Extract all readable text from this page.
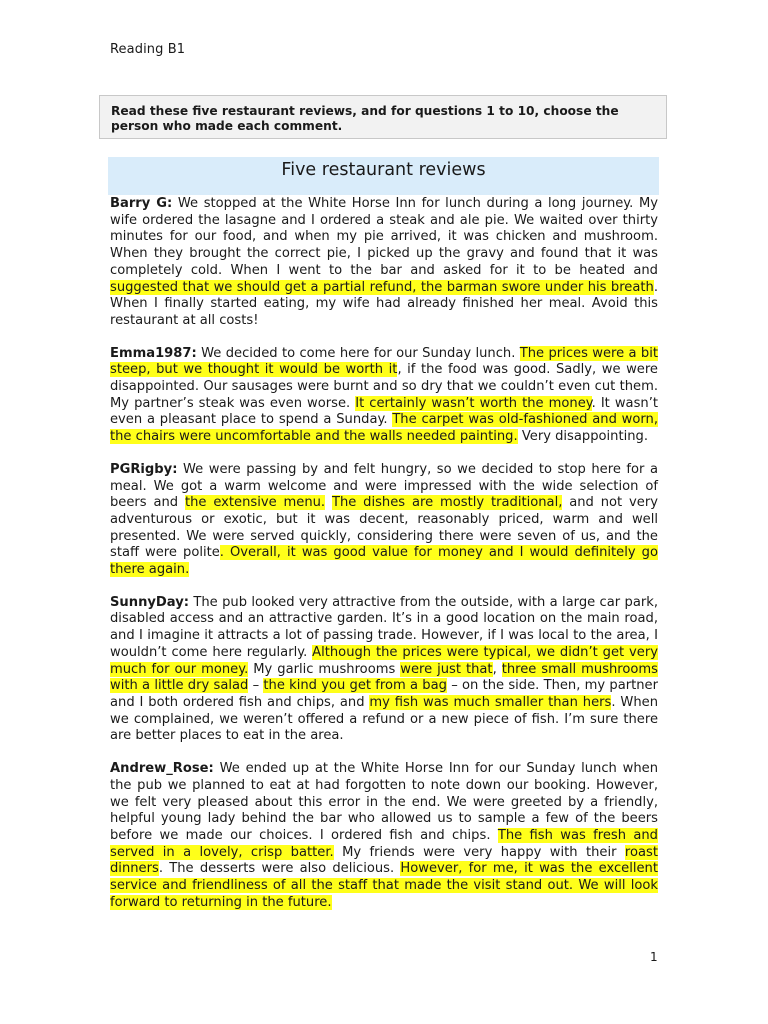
Reading B1
Read these five restaurant reviews, and for questions 1 to 10, choose the person who made each comment.
Five restaurant reviews

Barry G: We stopped at the White Horse Inn for lunch during a long journey. My wife ordered the lasagne and I ordered a steak and ale pie. We waited over thirty minutes for our food, and when my pie arrived, it was chicken and mushroom. When they brought the correct pie, I picked up the gravy and found that it was completely cold. When I went to the bar and asked for it to be heated and suggested that we should get a partial refund, the barman swore under his breath. When I finally started eating, my wife had already finished her meal. Avoid this restaurant at all costs!

Emma1987: We decided to come here for our Sunday lunch. The prices were a bit steep, but we thought it would be worth it, if the food was good. Sadly, we were disappointed. Our sausages were burnt and so dry that we couldn’t even cut them. My partner’s steak was even worse. It certainly wasn’t worth the money. It wasn’t even a pleasant place to spend a Sunday. The carpet was old-fashioned and worn, the chairs were uncomfortable and the walls needed painting. Very disappointing.

PGRigby: We were passing by and felt hungry, so we decided to stop here for a meal. We got a warm welcome and were impressed with the wide selection of beers and the extensive menu. The dishes are mostly traditional, and not very adventurous or exotic, but it was decent, reasonably priced, warm and well presented. We were served quickly, considering there were seven of us, and the staff were polite. Overall, it was good value for money and I would definitely go there again.

SunnyDay: The pub looked very attractive from the outside, with a large car park, disabled access and an attractive garden. It’s in a good location on the main road, and I imagine it attracts a lot of passing trade. However, if I was local to the area, I wouldn’t come here regularly. Although the prices were typical, we didn’t get very much for our money. My garlic mushrooms were just that, three small mushrooms with a little dry salad – the kind you get from a bag – on the side. Then, my partner and I both ordered fish and chips, and my fish was much smaller than hers. When we complained, we weren’t offered a refund or a new piece of fish. I’m sure there are better places to eat in the area.

Andrew_Rose: We ended up at the White Horse Inn for our Sunday lunch when the pub we planned to eat at had forgotten to note down our booking. However, we felt very pleased about this error in the end. We were greeted by a friendly, helpful young lady behind the bar who allowed us to sample a few of the beers before we made our choices. I ordered fish and chips. The fish was fresh and served in a lovely, crisp batter. My friends were very happy with their roast dinners. The desserts were also delicious. However, for me, it was the excellent service and friendliness of all the staff that made the visit stand out. We will look forward to returning in the future.

1
